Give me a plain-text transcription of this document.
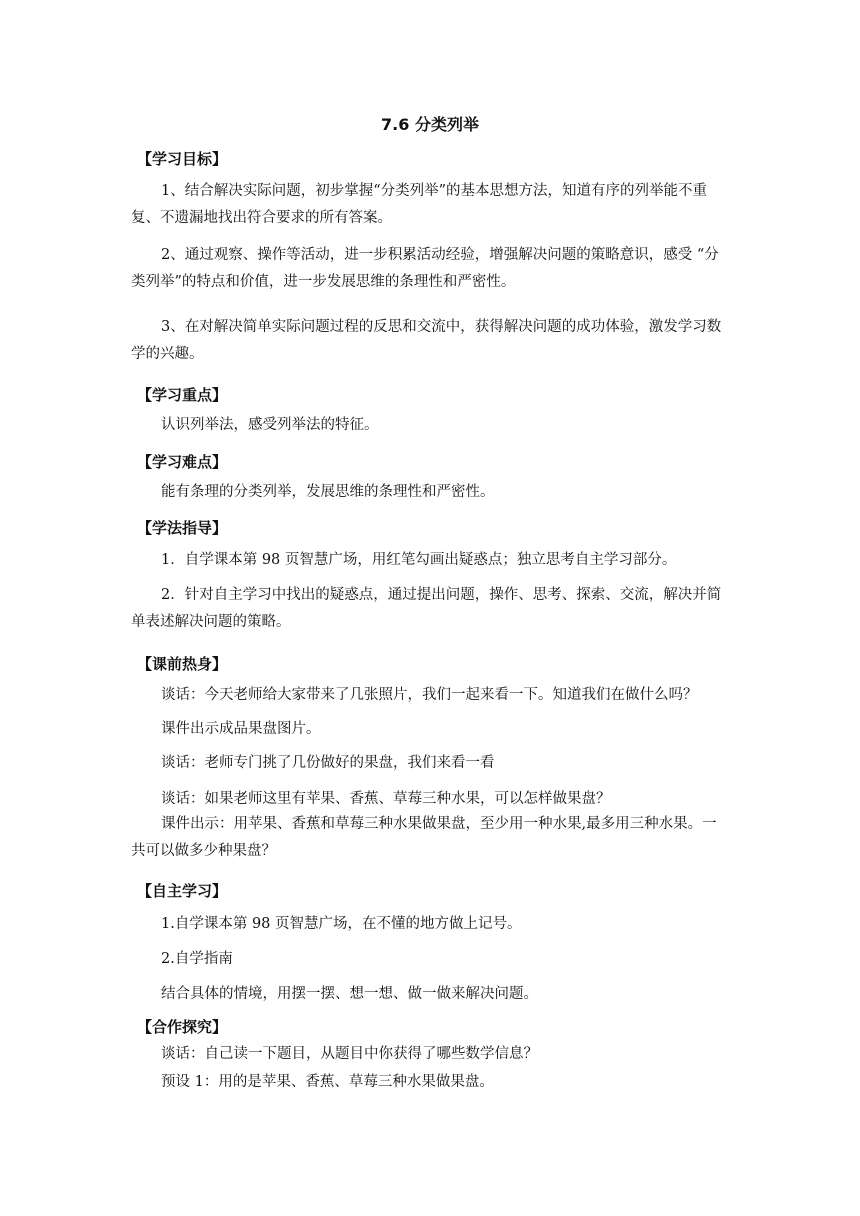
7.6 分类列举
【学习目标】
1、结合解决实际问题，初步掌握“分类列举”的基本思想方法，知道有序的列举能不重复、不遗漏地找出符合要求的所有答案。
2、通过观察、操作等活动，进一步积累活动经验，增强解决问题的策略意识，感受 “分类列举”的特点和价值，进一步发展思维的条理性和严密性。
3、在对解决简单实际问题过程的反思和交流中，获得解决问题的成功体验，激发学习数学的兴趣。
【学习重点】
认识列举法，感受列举法的特征。
【学习难点】
能有条理的分类列举，发展思维的条理性和严密性。
【学法指导】
1．自学课本第 98 页智慧广场，用红笔勾画出疑惑点；独立思考自主学习部分。
2．针对自主学习中找出的疑惑点，通过提出问题，操作、思考、探索、交流，解决并简单表述解决问题的策略。
【课前热身】
谈话：今天老师给大家带来了几张照片，我们一起来看一下。知道我们在做什么吗？
课件出示成品果盘图片。
谈话：老师专门挑了几份做好的果盘，我们来看一看
谈话：如果老师这里有苹果、香蕉、草莓三种水果，可以怎样做果盘？
课件出示：用苹果、香蕉和草莓三种水果做果盘，至少用一种水果,最多用三种水果。一共可以做多少种果盘？
【自主学习】
1.自学课本第 98 页智慧广场，在不懂的地方做上记号。
2.自学指南
结合具体的情境，用摆一摆、想一想、做一做来解决问题。
【合作探究】
谈话：自己读一下题目，从题目中你获得了哪些数学信息？
预设 1：用的是苹果、香蕉、草莓三种水果做果盘。
